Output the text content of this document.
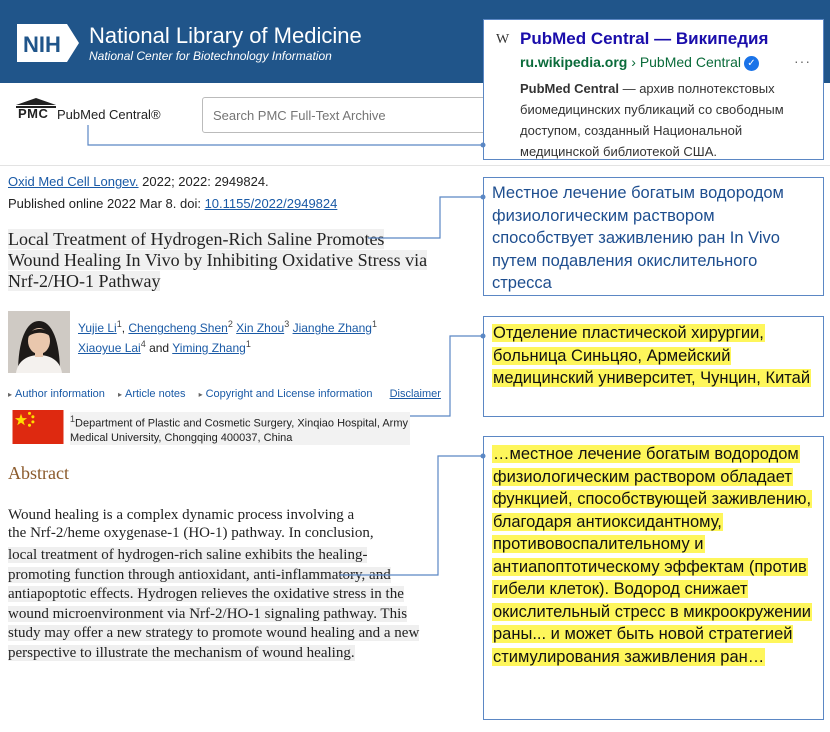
NIH National Library of Medicine
National Center for Biotechnology Information
PMC PubMed Central®
Search PMC Full-Text Archive
W PubMed Central — Википедия
ru.wikipedia.org › PubMed Central ✓	···
PubMed Central — архив полнотекстовых биомедицинских публикаций со свободным доступом, созданный Национальной медицинской библиотекой США.
Oxid Med Cell Longev. 2022; 2022: 2949824.
Published online 2022 Mar 8. doi: 10.1155/2022/2949824
Local Treatment of Hydrogen-Rich Saline Promotes Wound Healing In Vivo by Inhibiting Oxidative Stress via Nrf-2/HO-1 Pathway
Yujie Li$^1$, Chengcheng Shen$^2$ Xin Zhou$^3$ Jianghe Zhang$^1$
Xiaoyue Lai$^4$ and Yiming Zhang$^1$
▸ Author information ▸ Article notes ▸ Copyright and License information Disclaimer
$^1$Department of Plastic and Cosmetic Surgery, Xinqiao Hospital, Army Medical University, Chongqing 400037, China
Abstract
Wound healing is a complex dynamic process involving a
the Nrf-2/heme oxygenase-1 (HO-1) pathway. In conclusion,
local treatment of hydrogen-rich saline exhibits the healing-promoting function through antioxidant, anti-inflammatory, and antiapoptotic effects. Hydrogen relieves the oxidative stress in the wound microenvironment via Nrf-2/HO-1 signaling pathway. This study may offer a new strategy to promote wound healing and a new perspective to illustrate the mechanism of wound healing.
Местное лечение богатым водородом физиологическим раствором способствует заживлению ран In Vivo путем подавления окислительного стресса
Отделение пластической хирургии, больница Синьцяо, Армейский медицинский университет, Чунцин, Китай
…местное лечение богатым водородом физиологическим раствором обладает функцией, способствующей заживлению, благодаря антиоксидантному, противовоспалительному и антиапоптотическому эффектам (против гибели клеток). Водород снижает окислительный стресс в микроокружении раны... и может быть новой стратегией стимулирования заживления ран…
